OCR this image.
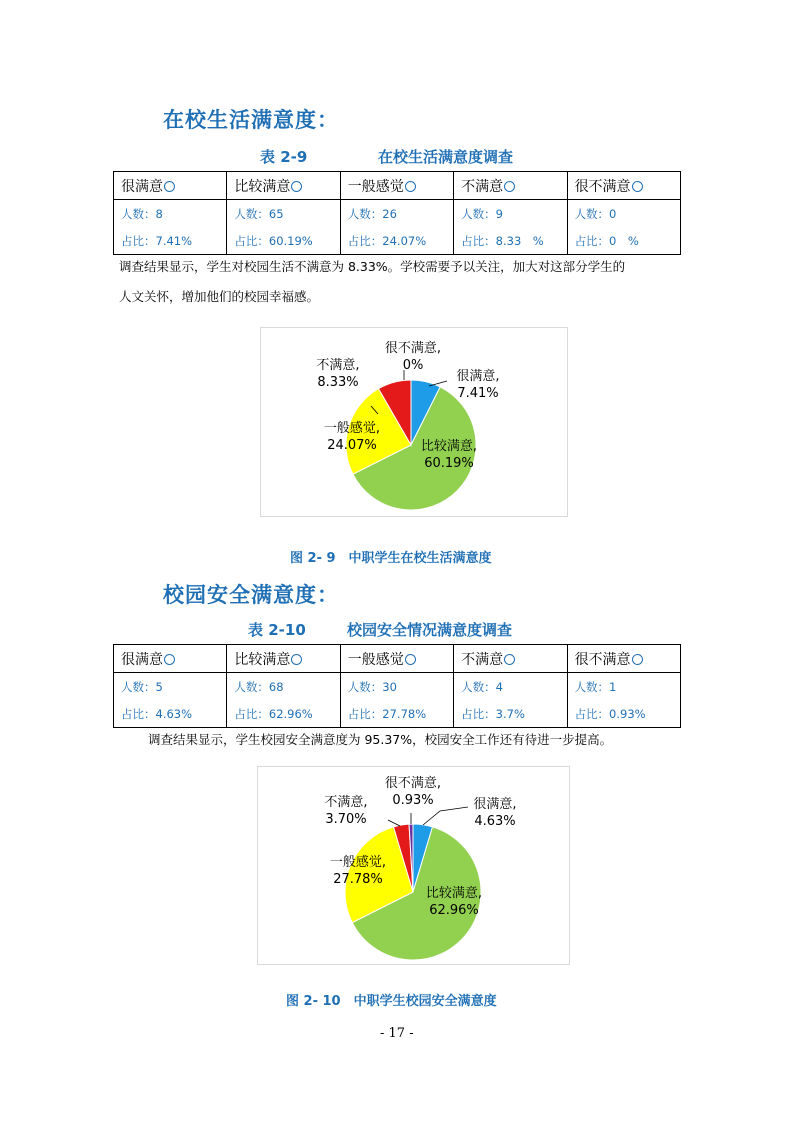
在校生活满意度：
表 2-9	在校生活满意度调查
很满意	比较满意	一般感觉	不满意	很不满意
人数：8	人数：65	人数：26	人数：9	人数：0
占比：7.41%	占比：60.19%	占比：24.07%	占比：8.33　%	占比：0　%
调查结果显示，学生对校园生活不满意为 8.33%。学校需要予以关注，加大对这部分学生的
人文关怀，增加他们的校园幸福感。
很满意,
7.41%
比较满意,
60.19%
一般感觉,
24.07%
不满意,
8.33%
很不满意,
0%
图 2- 9　中职学生在校生活满意度
校园安全满意度：
表 2-10	校园安全情况满意度调查
很满意	比较满意	一般感觉	不满意	很不满意
人数：5	人数：68	人数：30	人数：4	人数：1
占比：4.63%	占比：62.96%	占比：27.78%	占比：3.7%	占比：0.93%
调查结果显示，学生校园安全满意度为 95.37%，校园安全工作还有待进一步提高。
很满意,
4.63%
比较满意,
62.96%
一般感觉,
27.78%
不满意,
3.70%
很不满意,
0.93%
图 2- 10　中职学生校园安全满意度
- 17 -
